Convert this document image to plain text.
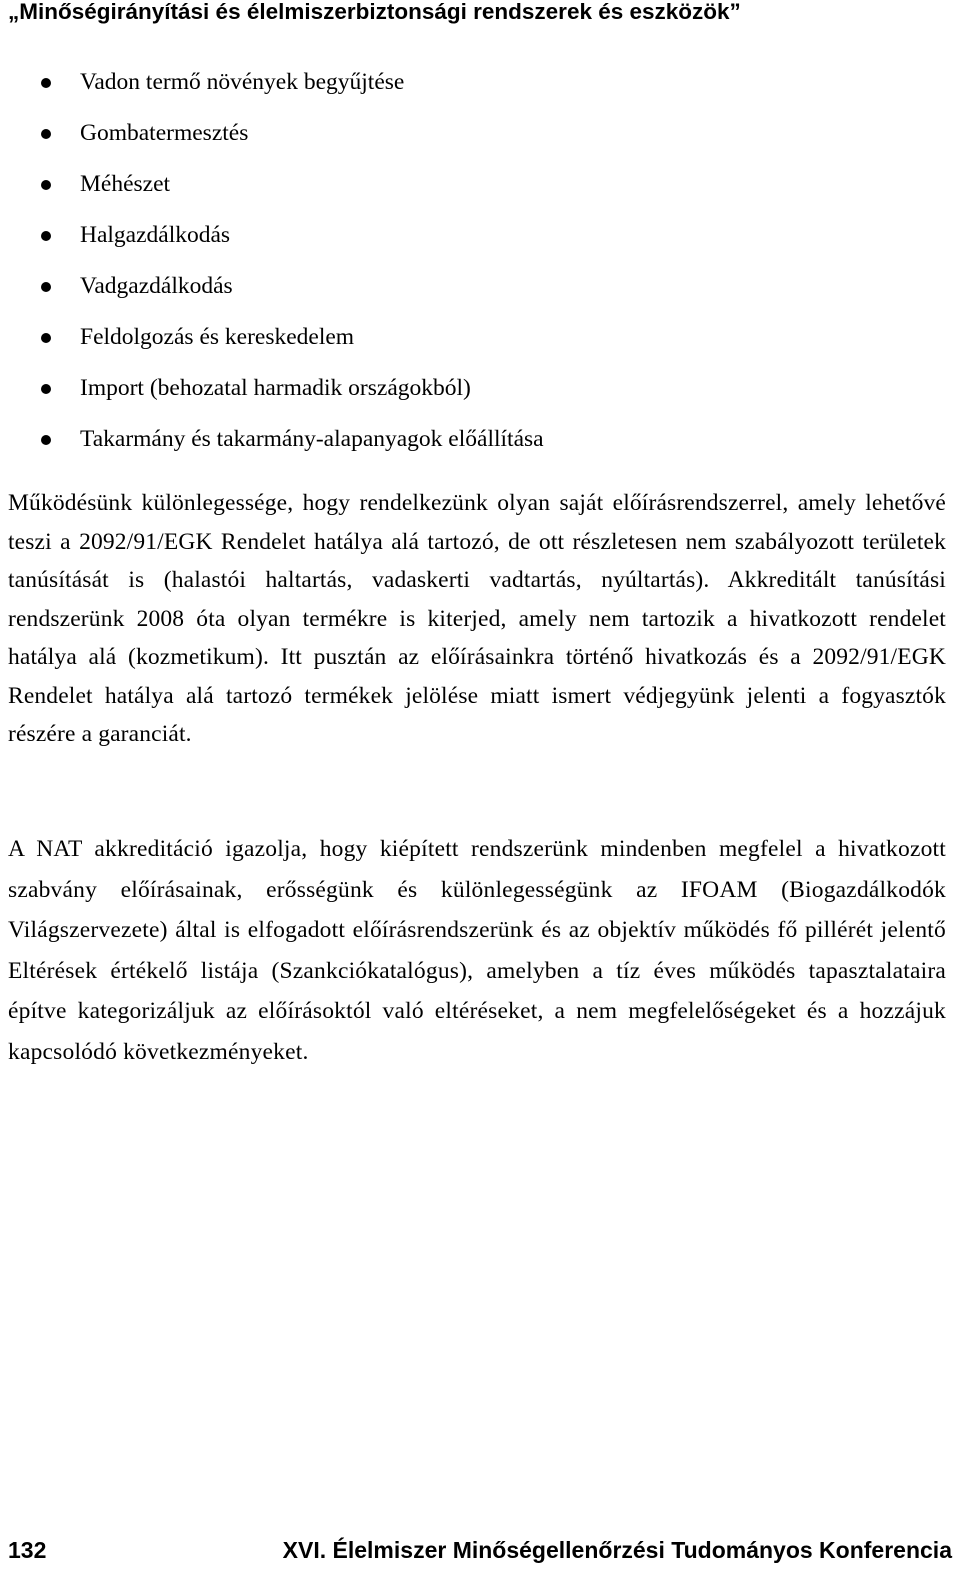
„Minőségirányítási és élelmiszerbiztonsági rendszerek és eszközök”
Vadon termő növények begyűjtése
Gombatermesztés
Méhészet
Halgazdálkodás
Vadgazdálkodás
Feldolgozás és kereskedelem
Import (behozatal harmadik országokból)
Takarmány és takarmány-alapanyagok előállítása

Működésünk különlegessége, hogy rendelkezünk olyan saját előírásrendszerrel, amely lehetővé teszi a 2092/91/EGK Rendelet hatálya alá tartozó, de ott részletesen nem szabályozott területek tanúsítását is (halastói haltartás, vadaskerti vadtartás, nyúltartás). Akkreditált tanúsítási rendszerünk 2008 óta olyan termékre is kiterjed, amely nem tartozik a hivatkozott rendelet hatálya alá (kozmetikum). Itt pusztán az előírásainkra történő hivatkozás és a 2092/91/EGK Rendelet hatálya alá tartozó termékek jelölése miatt ismert védjegyünk jelenti a fogyasztók részére a garanciát.

A NAT akkreditáció igazolja, hogy kiépített rendszerünk mindenben megfelel a hivatkozott szabvány előírásainak, erősségünk és különlegességünk az IFOAM (Biogazdálkodók Világszervezete) által is elfogadott előírásrendszerünk és az objektív működés fő pillérét jelentő Eltérések értékelő listája (Szankciókatalógus), amelyben a tíz éves működés tapasztalataira építve kategorizáljuk az előírásoktól való eltéréseket, a nem megfelelőségeket és a hozzájuk kapcsolódó következményeket.

132	XVI. Élelmiszer Minőségellenőrzési Tudományos Konferencia
